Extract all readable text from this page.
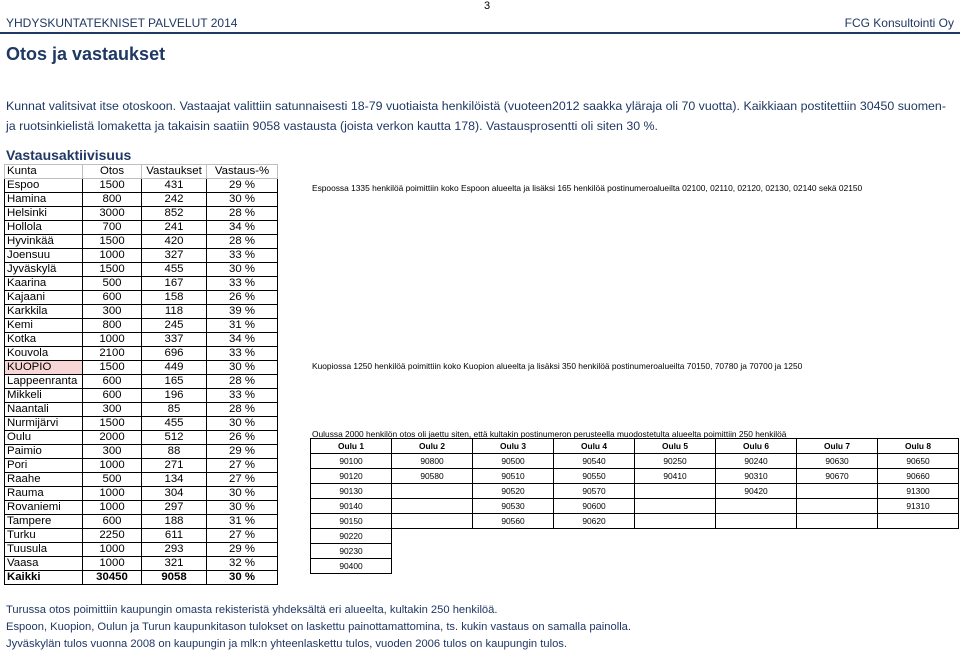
3
YHDYSKUNTATEKNISET PALVELUT 2014	FCG Konsultointi Oy
Otos ja vastaukset

Kunnat valitsivat itse otoskoon. Vastaajat valittiin satunnaisesti 18-79 vuotiaista henkilöistä (vuoteen2012 saakka yläraja oli 70 vuotta). Kaikkiaan postitettiin 30450 suomen- ja ruotsinkielistä lomaketta ja takaisin saatiin 9058 vastausta (joista verkon kautta 178). Vastausprosentti oli siten 30 %.

Vastausaktiivisuus
Kunta	Otos	Vastaukset	Vastaus-%
Espoo	1500	431	29 %
Hamina	800	242	30 %
Helsinki	3000	852	28 %
Hollola	700	241	34 %
Hyvinkää	1500	420	28 %
Joensuu	1000	327	33 %
Jyväskylä	1500	455	30 %
Kaarina	500	167	33 %
Kajaani	600	158	26 %
Karkkila	300	118	39 %
Kemi	800	245	31 %
Kotka	1000	337	34 %
Kouvola	2100	696	33 %
KUOPIO	1500	449	30 %
Lappeenranta	600	165	28 %
Mikkeli	600	196	33 %
Naantali	300	85	28 %
Nurmijärvi	1500	455	30 %
Oulu	2000	512	26 %
Paimio	300	88	29 %
Pori	1000	271	27 %
Raahe	500	134	27 %
Rauma	1000	304	30 %
Rovaniemi	1000	297	30 %
Tampere	600	188	31 %
Turku	2250	611	27 %
Tuusula	1000	293	29 %
Vaasa	1000	321	32 %
Kaikki	30450	9058	30 %
Espoossa 1335 henkilöä poimittiin koko Espoon alueelta ja lisäksi 165 henkilöä postinumeroalueilta 02100, 02110, 02120, 02130, 02140 sekä 02150
Kuopiossa 1250 henkilöä poimittiin koko Kuopion alueelta ja lisäksi 350 henkilöä postinumeroalueilta 70150, 70780 ja 70700 ja 1250
Oulussa 2000 henkilön otos oli jaettu siten, että kultakin postinumeron perusteella muodostetulta alueelta poimittiin 250 henkilöä
Oulu 1	Oulu 2	Oulu 3	Oulu 4	Oulu 5	Oulu 6	Oulu 7	Oulu 8
90100	90800	90500	90540	90250	90240	90630	90650
90120	90580	90510	90550	90410	90310	90670	90660
90130		90520	90570		90420		91300
90140		90530	90600				91310
90150		90560	90620				
90220							
90230							
90400							
Turussa otos poimittiin kaupungin omasta rekisteristä yhdeksältä eri alueelta, kultakin 250 henkilöä.
Espoon, Kuopion, Oulun ja Turun kaupunkitason tulokset on laskettu painottamattomina, ts. kukin vastaus on samalla painolla.
Jyväskylän tulos vuonna 2008 on kaupungin ja mlk:n yhteenlaskettu tulos, vuoden 2006 tulos on kaupungin tulos.
